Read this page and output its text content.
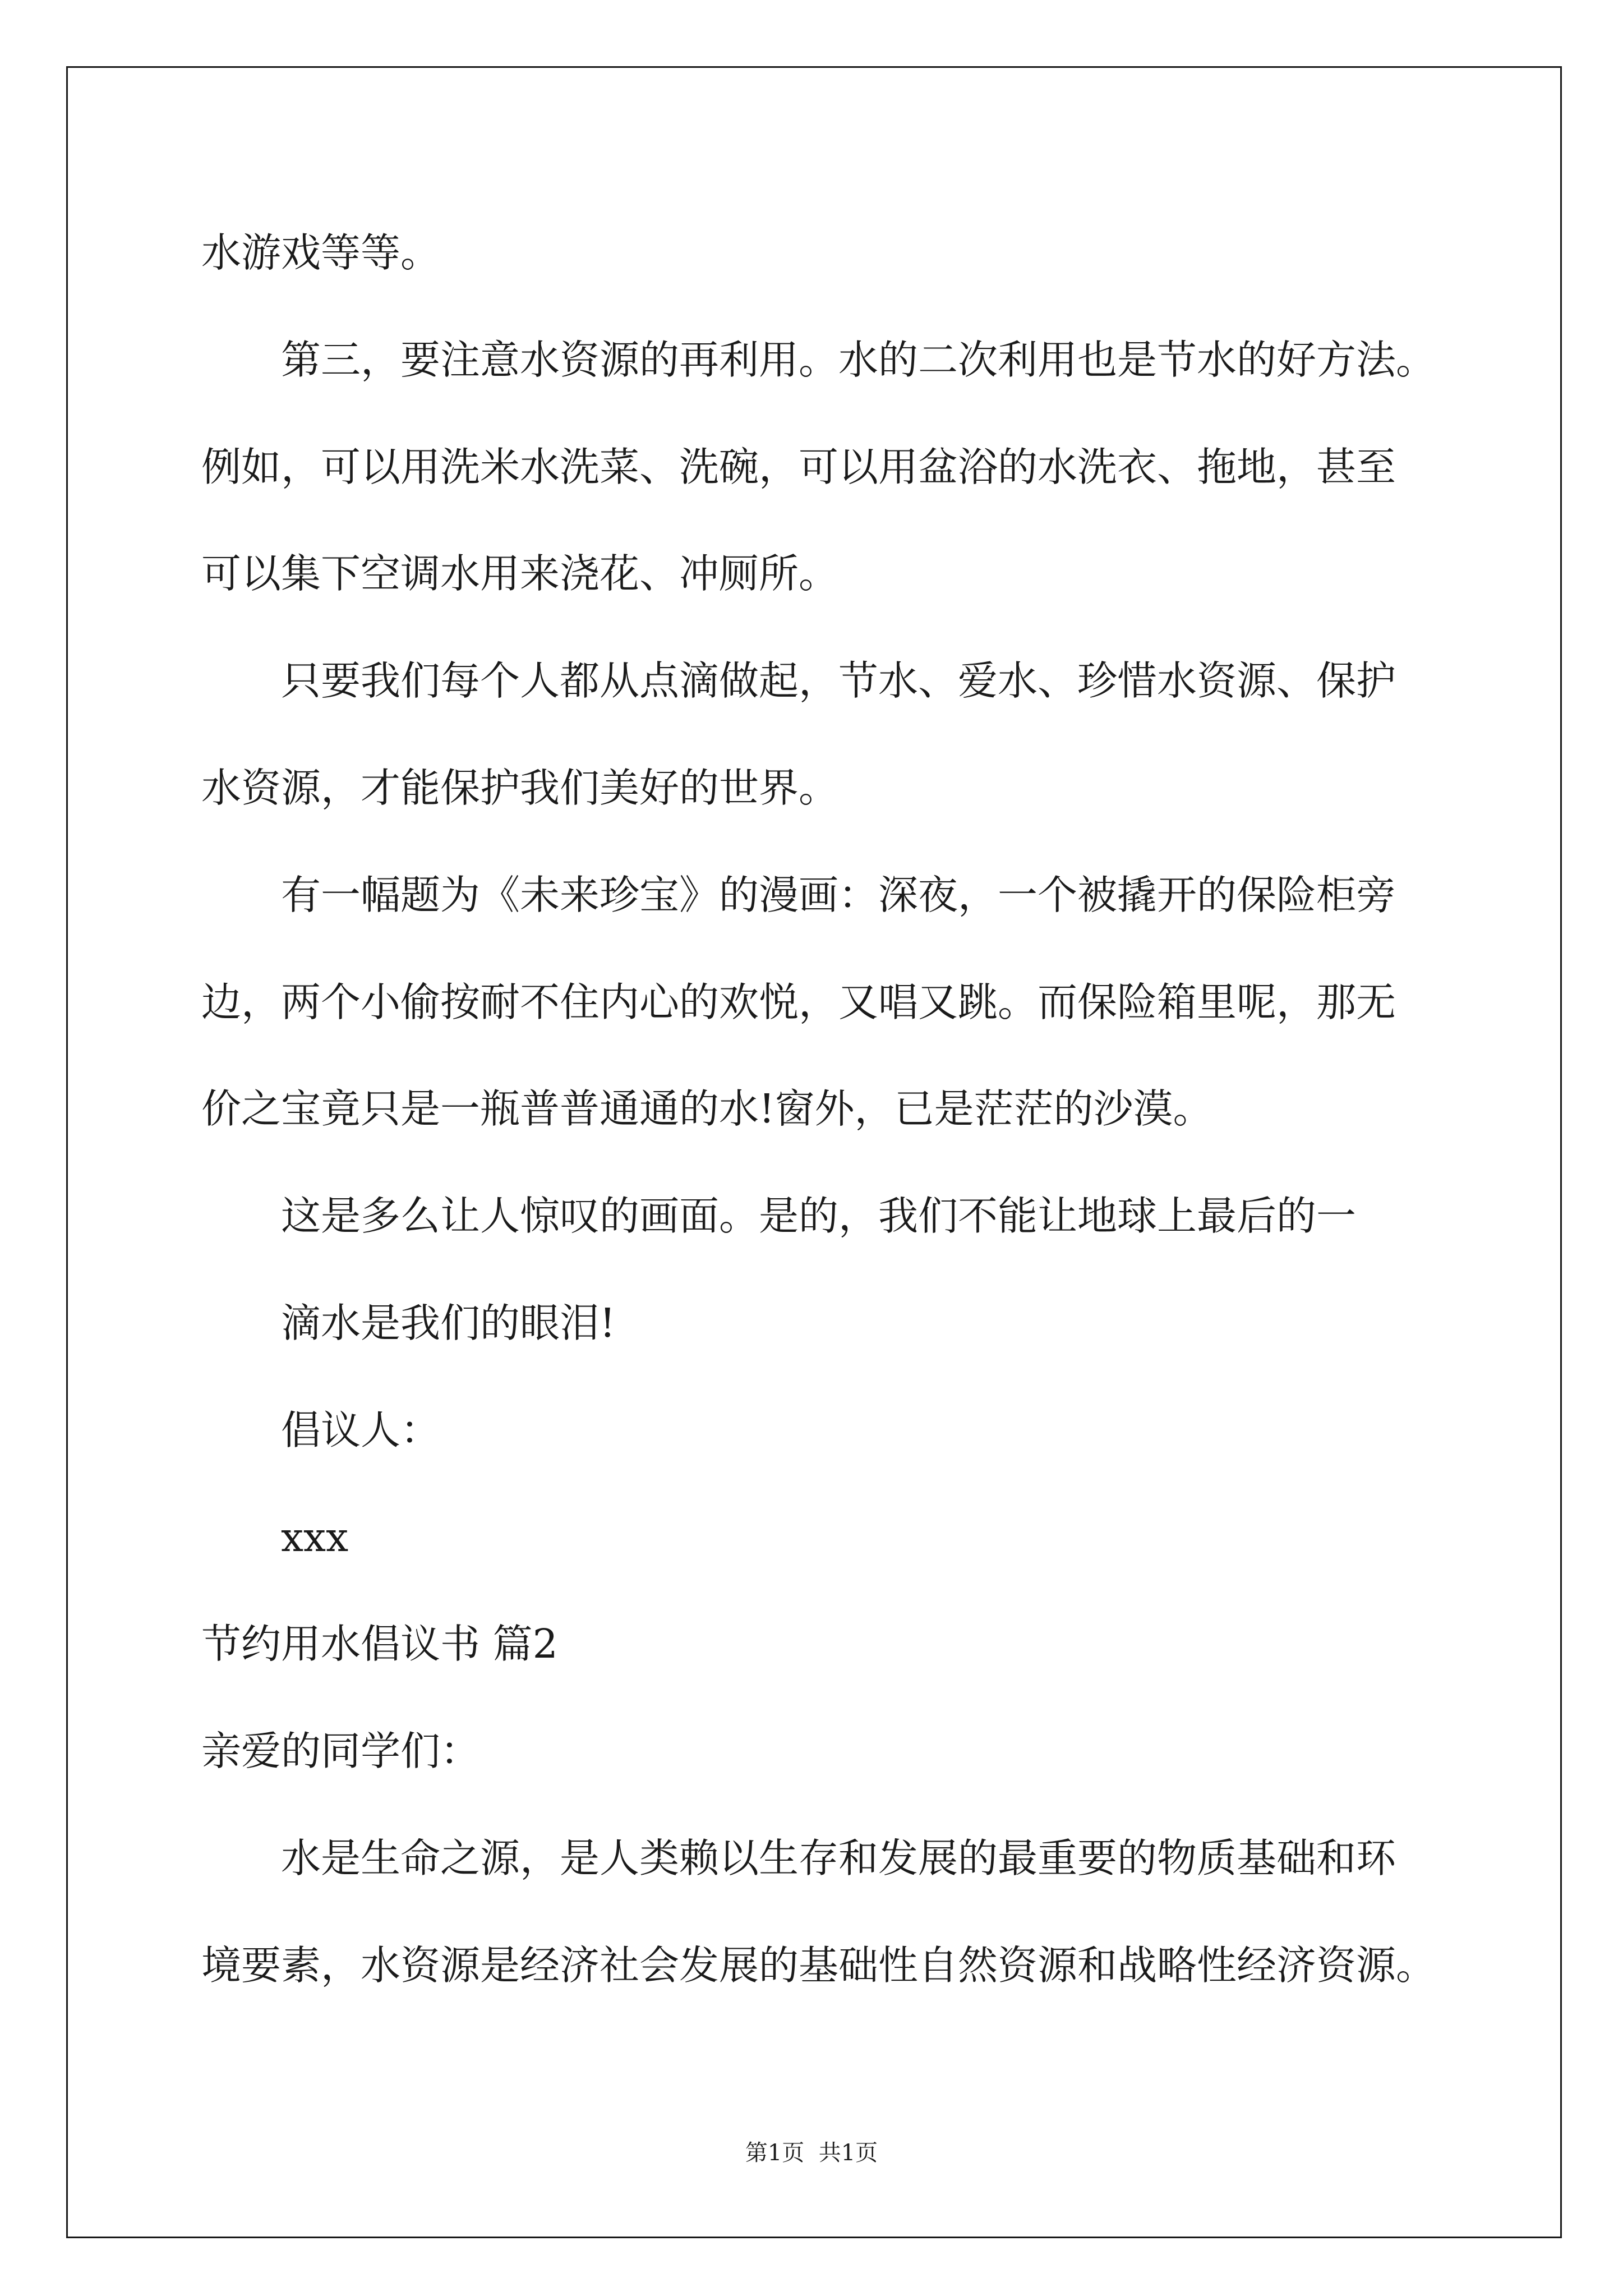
水游戏等等。
第三，要注意水资源的再利用。水的二次利用也是节水的好方法。
例如，可以用洗米水洗菜、洗碗，可以用盆浴的水洗衣、拖地，甚至
可以集下空调水用来浇花、冲厕所。
只要我们每个人都从点滴做起，节水、爱水、珍惜水资源、保护
水资源，才能保护我们美好的世界。
有一幅题为《未来珍宝》的漫画：深夜，一个被撬开的保险柜旁
边，两个小偷按耐不住内心的欢悦，又唱又跳。而保险箱里呢，那无
价之宝竟只是一瓶普普通通的水!窗外，已是茫茫的沙漠。
这是多么让人惊叹的画面。是的，我们不能让地球上最后的一
滴水是我们的眼泪!
倡议人：
xxx
节约用水倡议书 篇2
亲爱的同学们：
水是生命之源，是人类赖以生存和发展的最重要的物质基础和环
境要素，水资源是经济社会发展的基础性自然资源和战略性经济资源。
第1页  共1页
